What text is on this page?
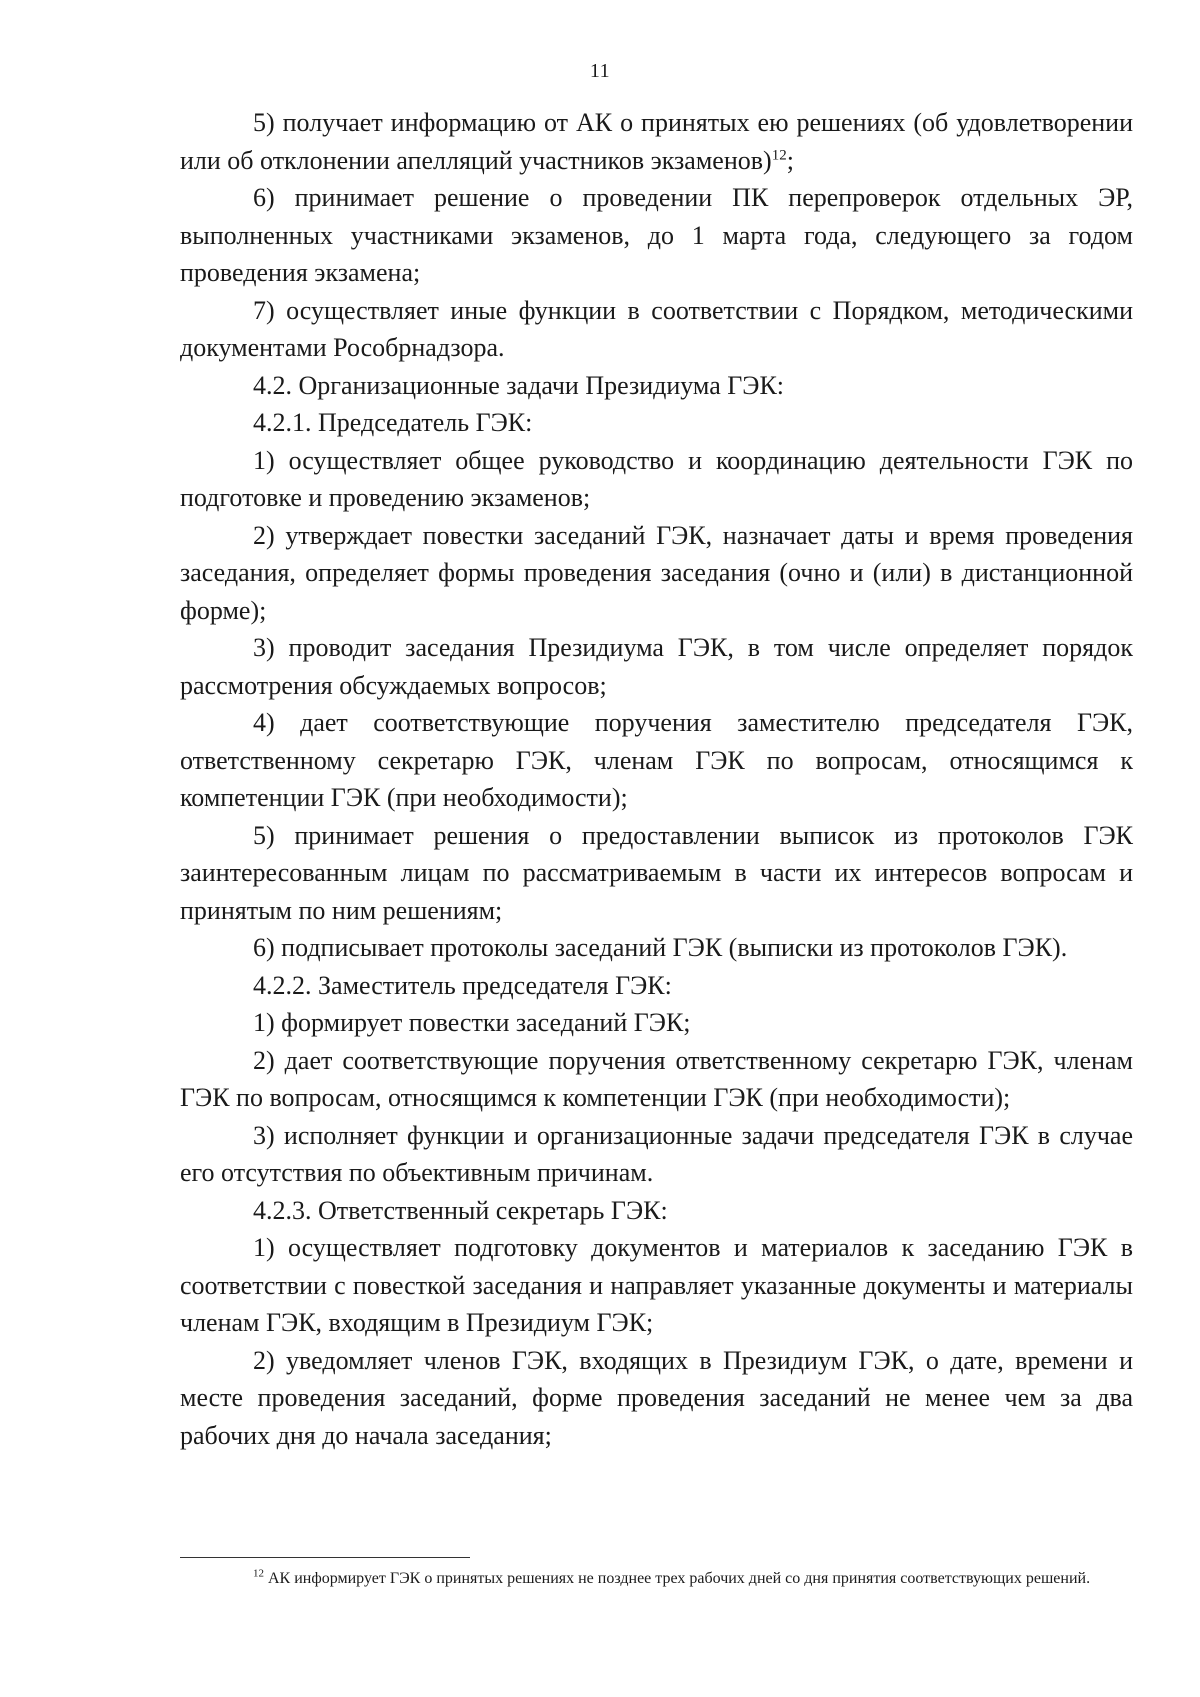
11

5) получает информацию от АК о принятых ею решениях (об удовлетворении или об отклонении апелляций участников экзаменов)$^{12}$;

6) принимает решение о проведении ПК перепроверок отдельных ЭР, выполненных участниками экзаменов, до 1 марта года, следующего за годом проведения экзамена;

7) осуществляет иные функции в соответствии с Порядком, методическими документами Рособрнадзора.

4.2. Организационные задачи Президиума ГЭК:

4.2.1. Председатель ГЭК:

1) осуществляет общее руководство и координацию деятельности ГЭК по подготовке и проведению экзаменов;

2) утверждает повестки заседаний ГЭК, назначает даты и время проведения заседания, определяет формы проведения заседания (очно и (или) в дистанционной форме);

3) проводит заседания Президиума ГЭК, в том числе определяет порядок рассмотрения обсуждаемых вопросов;

4) дает соответствующие поручения заместителю председателя ГЭК, ответственному секретарю ГЭК, членам ГЭК по вопросам, относящимся к компетенции ГЭК (при необходимости);

5) принимает решения о предоставлении выписок из протоколов ГЭК заинтересованным лицам по рассматриваемым в части их интересов вопросам и принятым по ним решениям;

6) подписывает протоколы заседаний ГЭК (выписки из протоколов ГЭК).

4.2.2. Заместитель председателя ГЭК:

1) формирует повестки заседаний ГЭК;

2) дает соответствующие поручения ответственному секретарю ГЭК, членам ГЭК по вопросам, относящимся к компетенции ГЭК (при необходимости);

3) исполняет функции и организационные задачи председателя ГЭК в случае его отсутствия по объективным причинам.

4.2.3. Ответственный секретарь ГЭК:

1) осуществляет подготовку документов и материалов к заседанию ГЭК в соответствии с повесткой заседания и направляет указанные документы и материалы членам ГЭК, входящим в Президиум ГЭК;

2) уведомляет членов ГЭК, входящих в Президиум ГЭК, о дате, времени и месте проведения заседаний, форме проведения заседаний не менее чем за два рабочих дня до начала заседания;

$^{12}$ АК информирует ГЭК о принятых решениях не позднее трех рабочих дней со дня принятия соответствующих решений.
